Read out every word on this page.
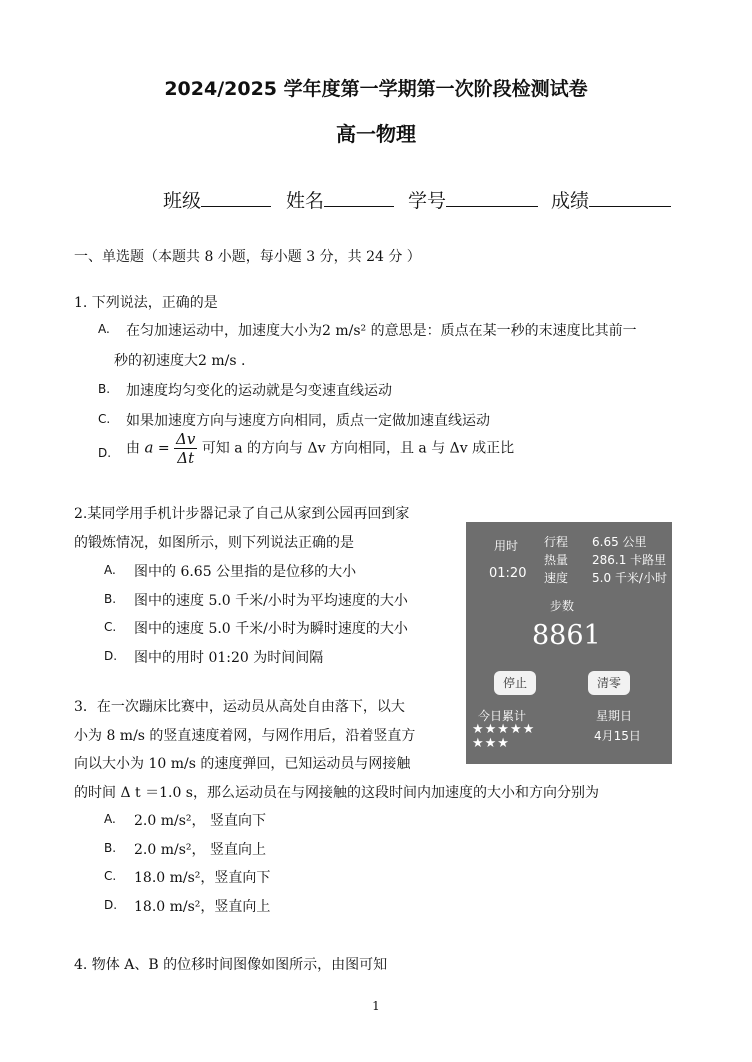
2024/2025 学年度第一学期第一次阶段检测试卷
高一物理
班级	姓名	学号	成绩
一、单选题（本题共 8 小题，每小题 3 分，共 24 分 ）
1. 下列说法，正确的是
A. 在匀加速运动中，加速度大小为2 m/s² 的意思是：质点在某一秒的末速度比其前一
秒的初速度大2 m/s .
B. 加速度均匀变化的运动就是匀变速直线运动
C. 如果加速度方向与速度方向相同，质点一定做加速直线运动
D. 由 $a = \frac{\Delta v}{\Delta t}$ 可知 a 的方向与 Δv 方向相同，且 a 与 Δv 成正比
2.某同学用手机计步器记录了自己从家到公园再回到家
的锻炼情况，如图所示，则下列说法正确的是
A. 图中的 6.65 公里指的是位移的大小
B. 图中的速度 5.0 千米/小时为平均速度的大小
C. 图中的速度 5.0 千米/小时为瞬时速度的大小
D. 图中的用时 01:20 为时间间隔
用时
01:20
行程 6.65 公里
热量 286.1 卡路里
速度 5.0 千米/小时
步数
8861
停止	清零
今日累计
★★★★★
★★★
星期日
4月15日
3．在一次蹦床比赛中，运动员从高处自由落下，以大
小为 8 m/s 的竖直速度着网，与网作用后，沿着竖直方
向以大小为 10 m/s 的速度弹回，已知运动员与网接触
的时间 Δ t ＝1.0 s，那么运动员在与网接触的这段时间内加速度的大小和方向分别为
A. 2.0 m/s²， 竖直向下
B. 2.0 m/s²， 竖直向上
C. 18.0 m/s²，竖直向下
D. 18.0 m/s²，竖直向上
4. 物体 A、B 的位移时间图像如图所示，由图可知
1
